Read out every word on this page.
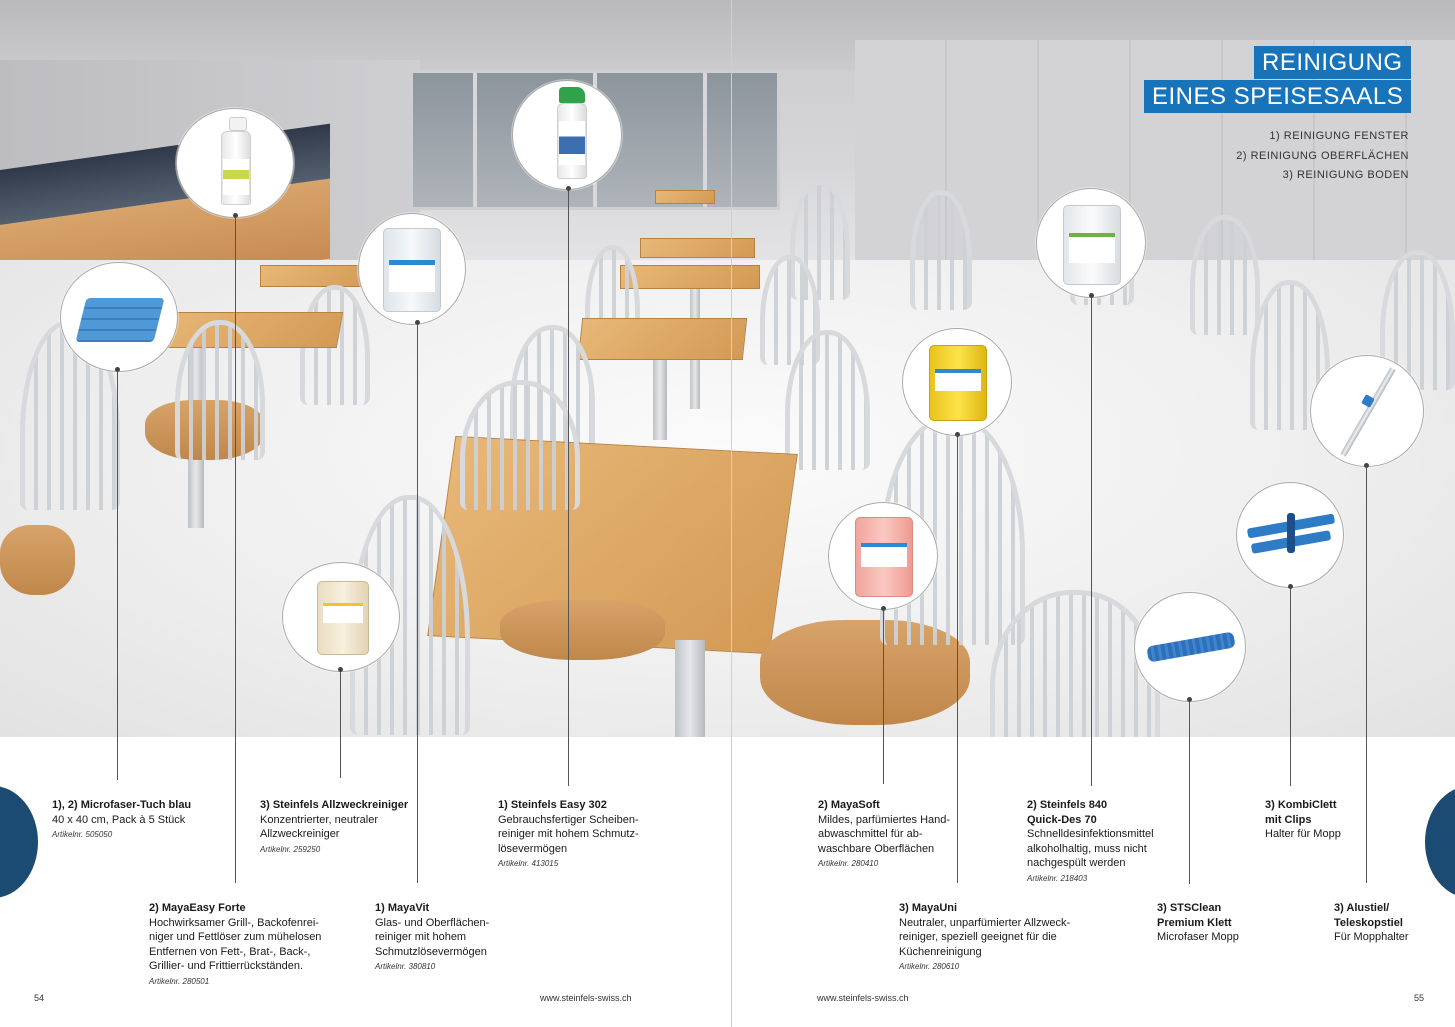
REINIGUNG
EINES SPEISESAALS
1) REINIGUNG FENSTER
2) REINIGUNG OBERFLÄCHEN
3) REINIGUNG BODEN
1), 2) Microfaser-Tuch blau
40 x 40 cm, Pack à 5 Stück
Artikelnr. 505050
2) MayaEasy Forte
Hochwirksamer Grill-, Backofenrei-
niger und Fettlöser zum mühelosen
Entfernen von Fett-, Brat-, Back-,
Grillier- und Frittierrückständen.
Artikelnr. 280501
3) Steinfels Allzweckreiniger
Konzentrierter, neutraler
Allzweckreiniger
Artikelnr. 259250
1) MayaVit
Glas- und Oberflächen-
reiniger mit hohem
Schmutzlösevermögen
Artikelnr. 380810
1) Steinfels Easy 302
Gebrauchsfertiger Scheiben-
reiniger mit hohem Schmutz-
lösevermögen
Artikelnr. 413015
2) MayaSoft
Mildes, parfümiertes Hand-
abwaschmittel für ab-
waschbare Oberflächen
Artikelnr. 280410
3) MayaUni
Neutraler, unparfümierter Allzweck-
reiniger, speziell geeignet für die
Küchenreinigung
Artikelnr. 280610
2) Steinfels 840
Quick-Des 70
Schnelldesinfektionsmittel
alkoholhaltig, muss nicht
nachgespült werden
Artikelnr. 218403
3) STSClean
Premium Klett
Microfaser Mopp
3) KombiClett
mit Clips
Halter für Mopp
3) Alustiel/
Teleskopstiel
Für Mopphalter
54	www.steinfels-swiss.ch	www.steinfels-swiss.ch	55
